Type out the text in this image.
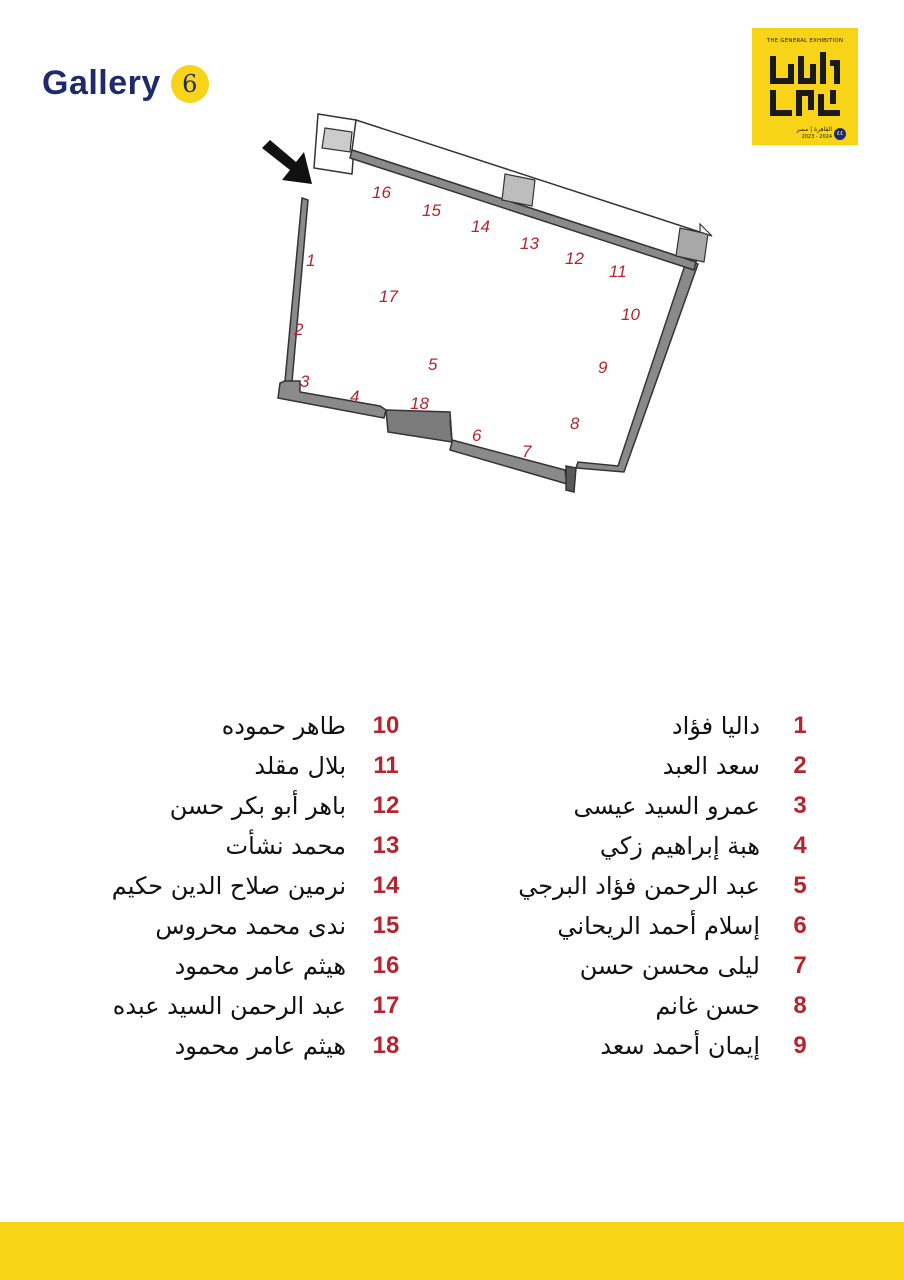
Gallery 6
THE GENERAL EXHIBITION
القاهرة | مصر
2023 - 2024 ٤٤
16
15
14
13
12
11
1
17
10
2
5	9
3
4	18
8
6
7
1
داليا فؤاد
2
سعد العبد
3
عمرو السيد عيسى
4
هبة إبراهيم زكي
5
عبد الرحمن فؤاد البرجي
6
إسلام أحمد الريحاني
7
ليلى محسن حسن
8
حسن غانم
9
إيمان أحمد سعد
10
طاهر حموده
11
بلال مقلد
12
باهر أبو بكر حسن
13
محمد نشأت
14
نرمين صلاح الدين حكيم
15
ندى محمد محروس
16
هيثم عامر محمود
17
عبد الرحمن السيد عبده
18
هيثم عامر محمود
